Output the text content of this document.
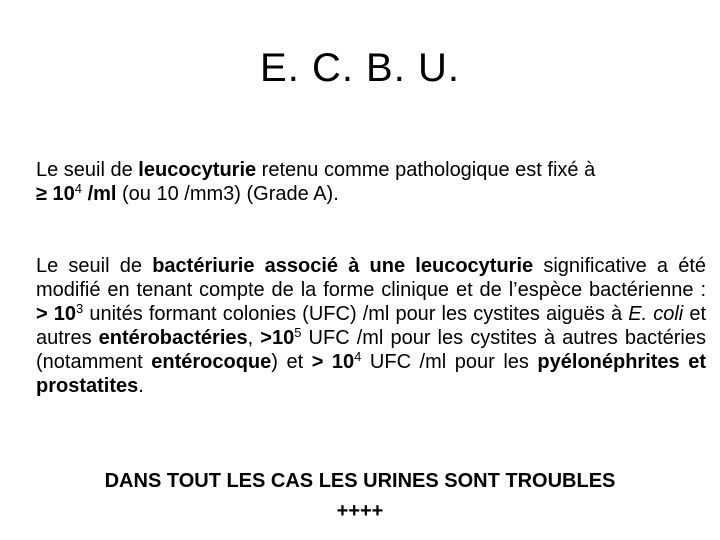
E. C. B. U.
Le seuil de leucocyturie retenu comme pathologique est fixé à
≥ $10^4$ /ml (ou 10 /mm3) (Grade A).
Le seuil de bactériurie associé à une leucocyturie significative a été modifié en tenant compte de la forme clinique et de l’espèce bactérienne : > $10^3$ unités formant colonies (UFC) /ml pour les cystites aiguës à E. coli et autres entérobactéries, $>10^5$ UFC /ml pour les cystites à autres bactéries (notamment entérocoque) et > $10^4$ UFC /ml pour les pyélonéphrites et prostatites.
DANS TOUT LES CAS LES URINES SONT TROUBLES
++++
